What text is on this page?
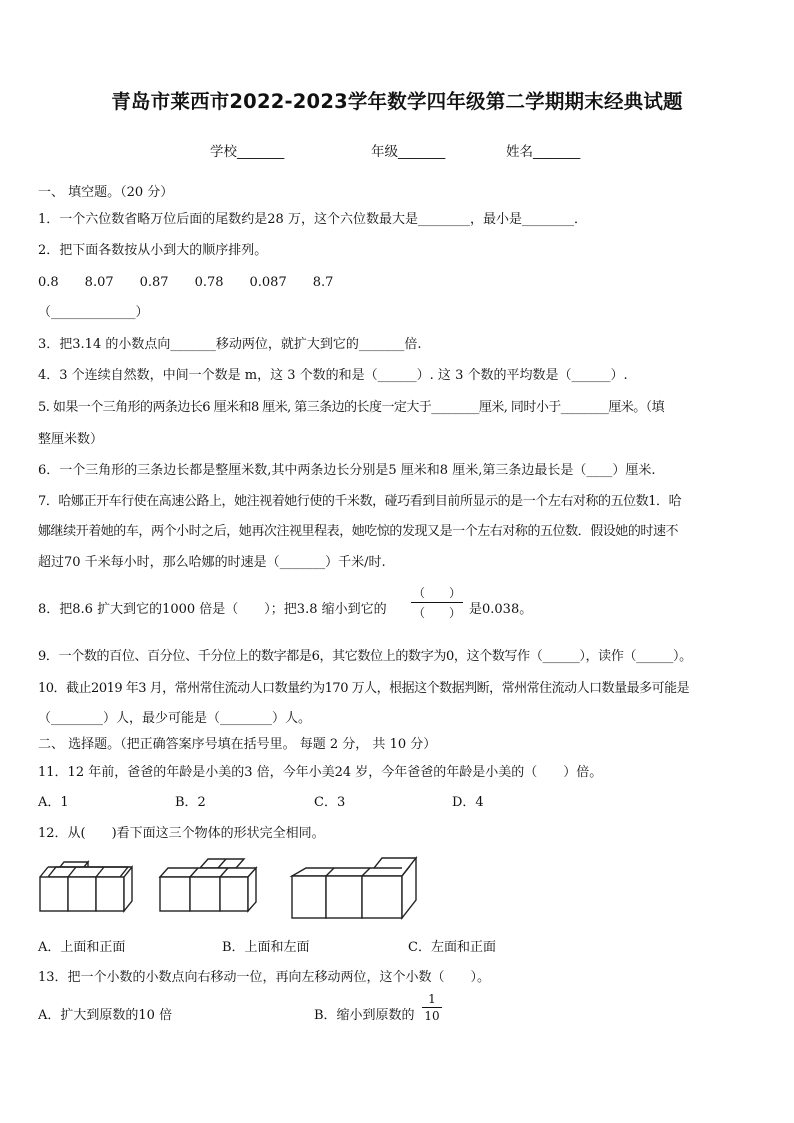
青岛市莱西市2022-2023学年数学四年级第二学期期末经典试题
学校_______	年级_______	姓名_______
一、 填空题。（20 分）
1．一个六位数省略万位后面的尾数约是28 万，这个六位数最大是________，最小是________．
2．把下面各数按从小到大的顺序排列。
0.8　　8.07　　0.87　　0.78　　0.087　　8.7
（_____________）
3．把3.14 的小数点向_______移动两位，就扩大到它的_______倍.
4．3 个连续自然数，中间一个数是 m，这 3 个数的和是（______）. 这 3 个数的平均数是（______）.
5. 如果一个三角形的两条边长6 厘米和8 厘米, 第三条边的长度一定大于________厘米, 同时小于________厘米。（填
整厘米数）
6．一个三角形的三条边长都是整厘米数,其中两条边长分别是5 厘米和8 厘米,第三条边最长是（____）厘米.
7．哈娜正开车行使在高速公路上，她注视着她行使的千米数，碰巧看到目前所显示的是一个左右对称的五位数1．哈
娜继续开着她的车，两个小时之后，她再次注视里程表，她吃惊的发现又是一个左右对称的五位数．假设她的时速不
超过70 千米每小时，那么哈娜的时速是（_______）千米/时.
8．把8.6 扩大到它的1000 倍是（　　）；把3.8 缩小到它的
（　　）
（　　） 是0.038。
9．一个数的百位、百分位、千分位上的数字都是6，其它数位上的数字为0，这个数写作（______），读作（______）。
10．截止2019 年3 月，常州常住流动人口数量约为170 万人，根据这个数据判断，常州常住流动人口数量最多可能是
（________）人，最少可能是（________）人。
二、 选择题。（把正确答案序号填在括号里。 每题 2 分， 共 10 分）
11．12 年前，爸爸的年龄是小美的3 倍，今年小美24 岁，今年爸爸的年龄是小美的（　　）倍。
A．1	B．2	C．3	D．4
12．从(　　)看下面这三个物体的形状完全相同。
A．上面和正面	B．上面和左面	C．左面和正面
13．把一个小数的小数点向右移动一位，再向左移动两位，这个小数（　　）。
A．扩大到原数的10 倍	B．缩小到原数的
1
10
